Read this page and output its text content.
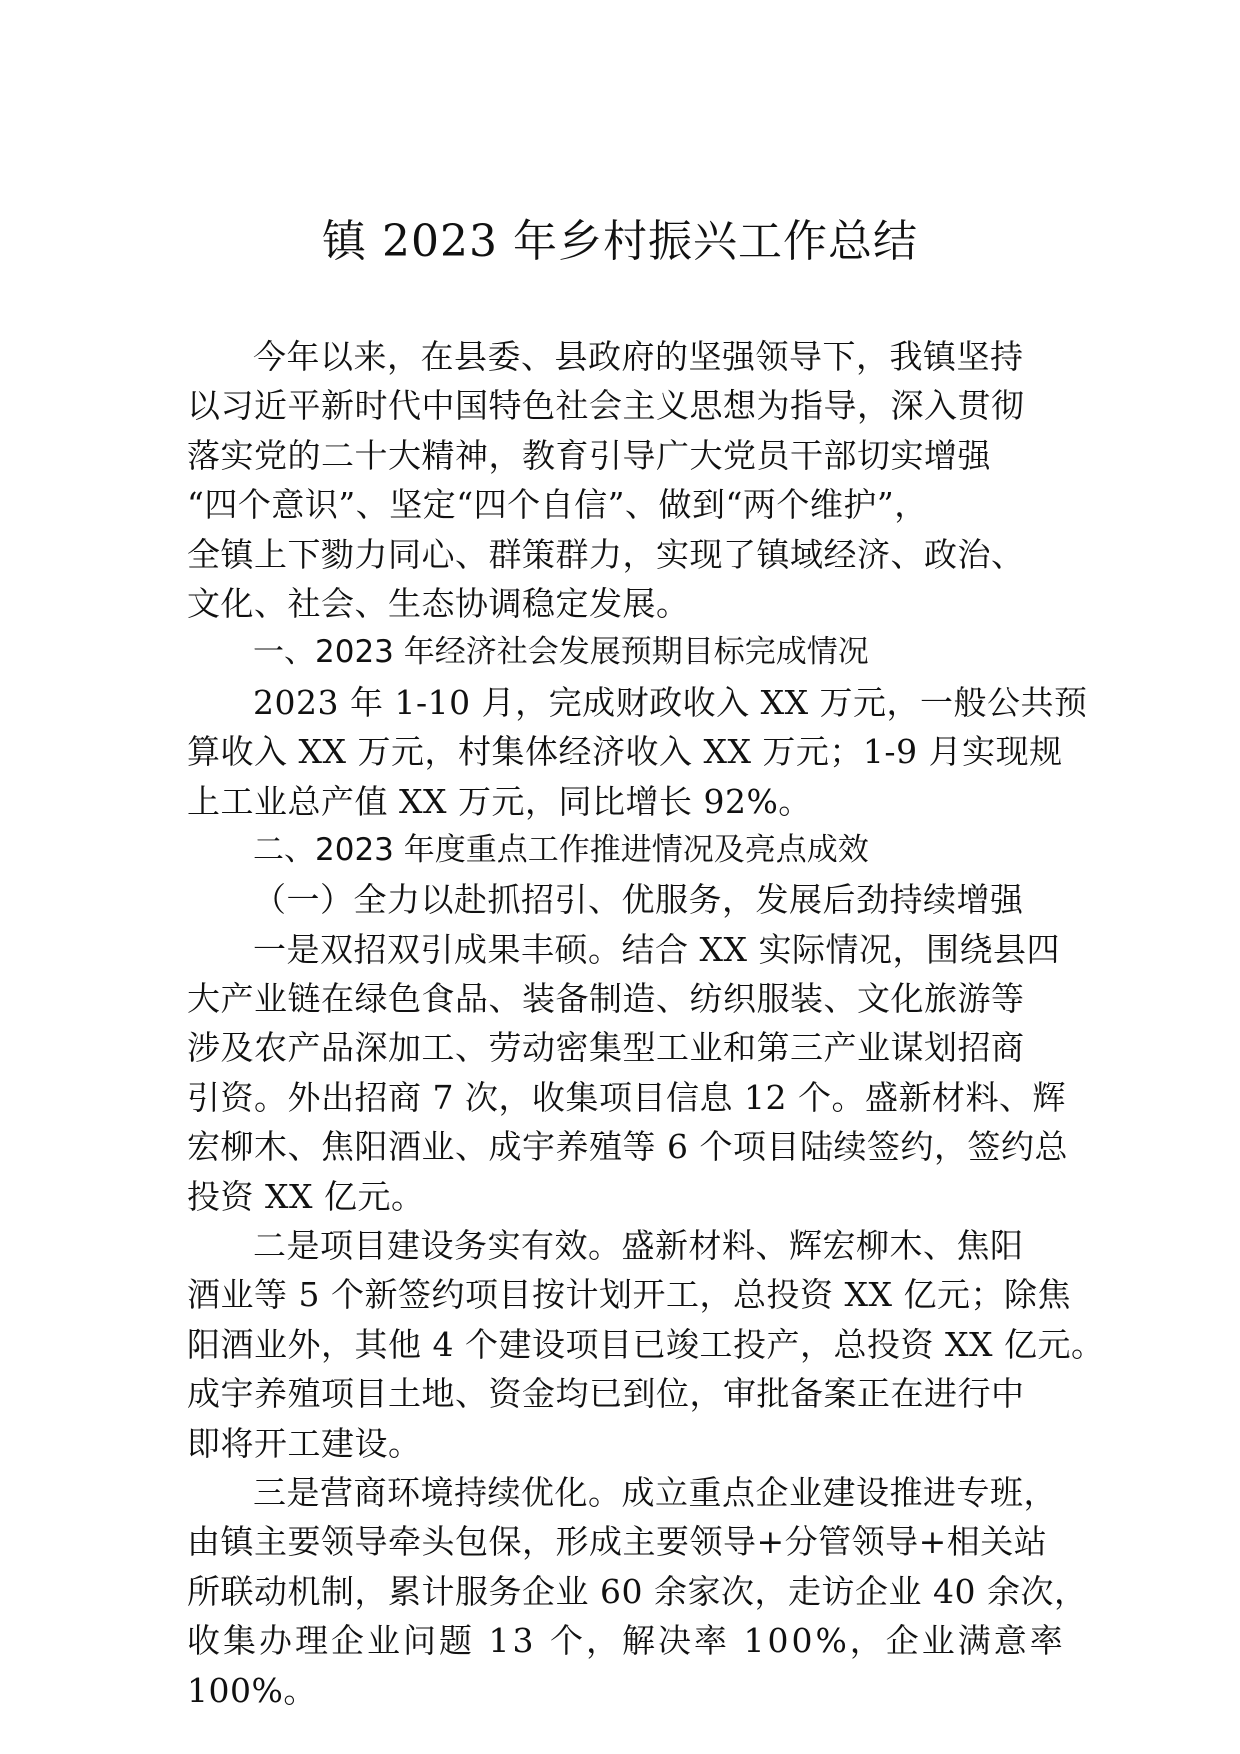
镇 2023 年乡村振兴工作总结
今年以来，在县委、县政府的坚强领导下，我镇坚持
以习近平新时代中国特色社会主义思想为指导，深入贯彻
落实党的二十大精神，教育引导广大党员干部切实增强
“四个意识”、坚定“四个自信”、做到“两个维护”，
全镇上下勠力同心、群策群力，实现了镇域经济、政治、
文化、社会、生态协调稳定发展。
一、2023 年经济社会发展预期目标完成情况
2023 年 1-10 月，完成财政收入 XX 万元，一般公共预
算收入 XX 万元，村集体经济收入 XX 万元；1-9 月实现规
上工业总产值 XX 万元，同比增长 92%。
二、2023 年度重点工作推进情况及亮点成效
（一）全力以赴抓招引、优服务，发展后劲持续增强
一是双招双引成果丰硕。结合 XX 实际情况，围绕县四
大产业链在绿色食品、装备制造、纺织服装、文化旅游等
涉及农产品深加工、劳动密集型工业和第三产业谋划招商
引资。外出招商 7 次，收集项目信息 12 个。盛新材料、辉
宏柳木、焦阳酒业、成宇养殖等 6 个项目陆续签约，签约总
投资 XX 亿元。
二是项目建设务实有效。盛新材料、辉宏柳木、焦阳
酒业等 5 个新签约项目按计划开工，总投资 XX 亿元；除焦
阳酒业外，其他 4 个建设项目已竣工投产，总投资 XX 亿元。
成宇养殖项目土地、资金均已到位，审批备案正在进行中
即将开工建设。
三是营商环境持续优化。成立重点企业建设推进专班，
由镇主要领导牵头包保，形成主要领导+分管领导+相关站
所联动机制，累计服务企业 60 余家次，走访企业 40 余次，
收集办理企业问题 13 个，解决率 100%，企业满意率
100%。
